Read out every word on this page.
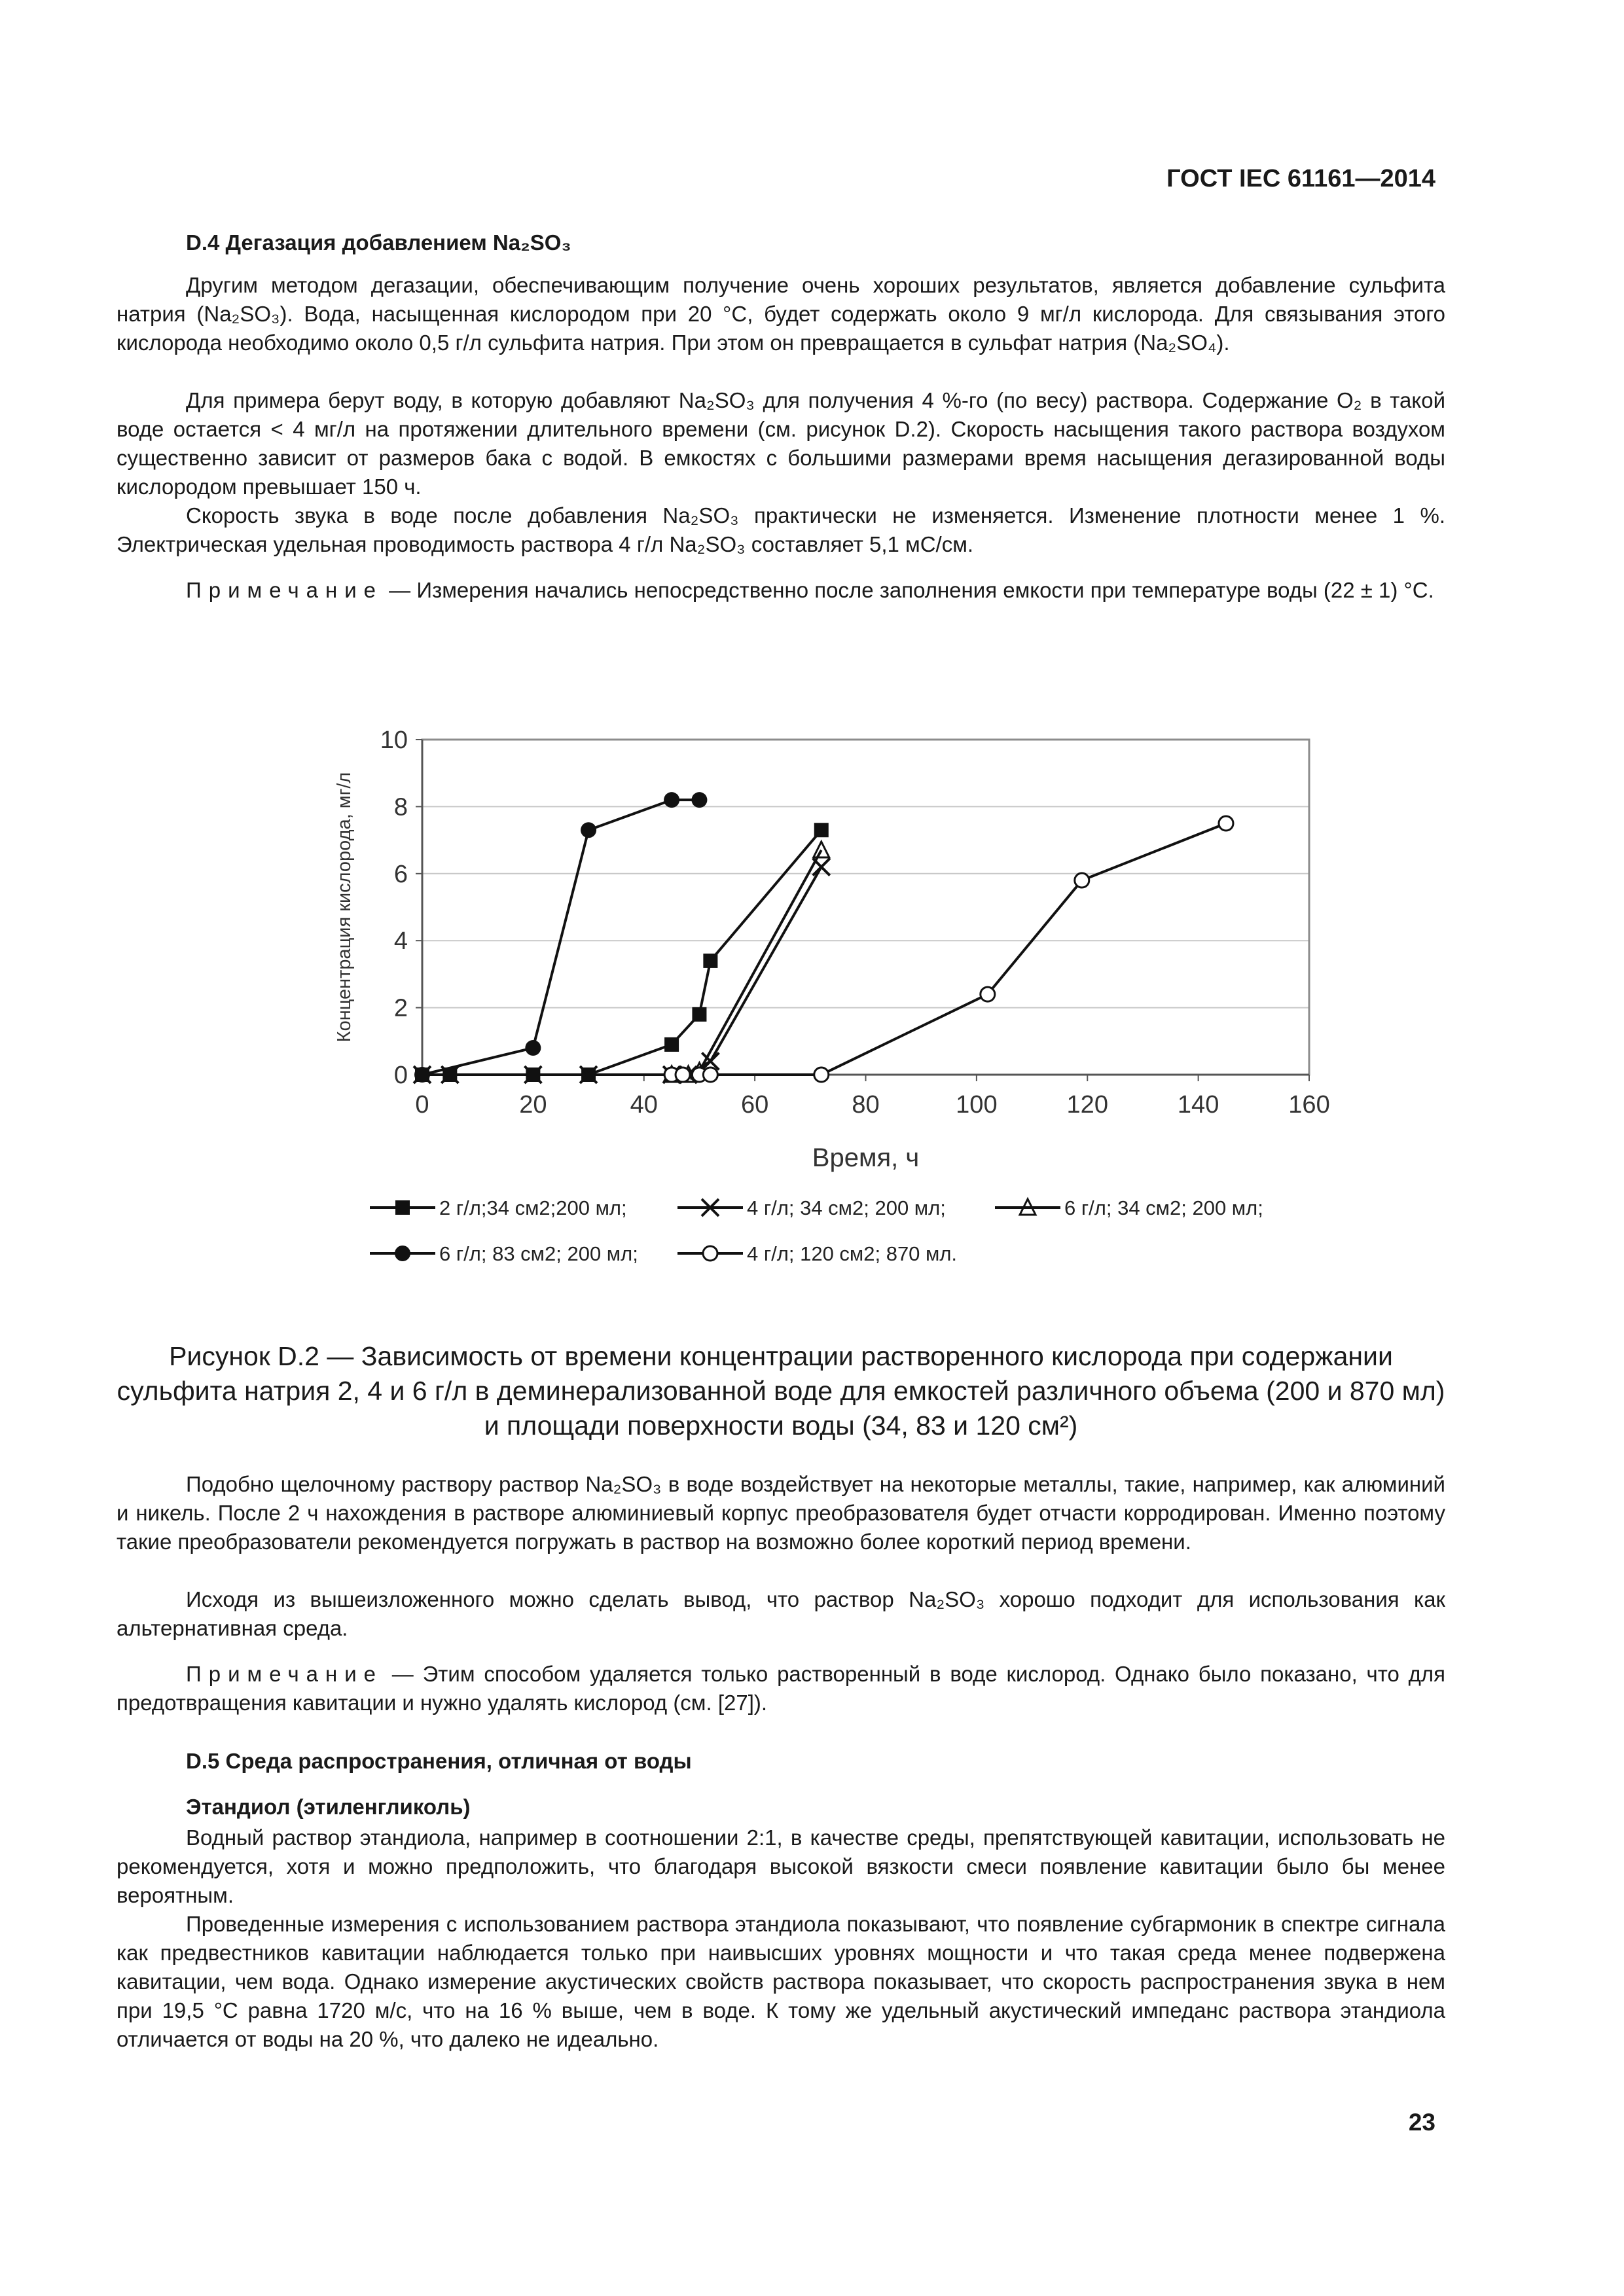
ГОСТ IEC 61161—2014
D.4 Дегазация добавлением Na₂SO₃

Другим методом дегазации, обеспечивающим получение очень хороших результатов, является добавление сульфита натрия (Na₂SO₃). Вода, насыщенная кислородом при 20 °С, будет содержать около 9 мг/л кислорода. Для связывания этого кислорода необходимо около 0,5 г/л сульфита натрия. При этом он превращается в сульфат натрия (Na₂SO₄).

Для примера берут воду, в которую добавляют Na₂SO₃ для получения 4 %-го (по весу) раствора. Содержание O₂ в такой воде остается < 4 мг/л на протяжении длительного времени (см. рисунок D.2). Скорость насыщения такого раствора воздухом существенно зависит от размеров бака с водой. В емкостях с большими размерами время насыщения дегазированной воды кислородом превышает 150 ч.

Скорость звука в воде после добавления Na₂SO₃ практически не изменяется. Изменение плотности менее 1 %. Электрическая удельная проводимость раствора 4 г/л Na₂SO₃ составляет 5,1 мС/см.

Примечание — Измерения начались непосредственно после заполнения емкости при температуре воды (22 ± 1) °С.

0
2
4
6
8
10
0	20	40	60	80	100	120	140	160
Концентрация кислорода, мг/л
Время, ч
2 г/л;34 см2;200 мл;	4 г/л; 34 см2; 200 мл;	6 г/л; 34 см2; 200 мл;
6 г/л; 83 см2; 200 мл;	4 г/л; 120 см2; 870 мл.
Рисунок D.2 — Зависимость от времени концентрации растворенного кислорода при содержании сульфита натрия 2, 4 и 6 г/л в деминерализованной воде для емкостей различного объема (200 и 870 мл) и площади поверхности воды (34, 83 и 120 см²)

Подобно щелочному раствору раствор Na₂SO₃ в воде воздействует на некоторые металлы, такие, например, как алюминий и никель. После 2 ч нахождения в растворе алюминиевый корпус преобразователя будет отчасти корродирован. Именно поэтому такие преобразователи рекомендуется погружать в раствор на возможно более короткий период времени.

Исходя из вышеизложенного можно сделать вывод, что раствор Na₂SO₃ хорошо подходит для использования как альтернативная среда.

Примечание — Этим способом удаляется только растворенный в воде кислород. Однако было показано, что для предотвращения кавитации и нужно удалять кислород (см. [27]).

D.5 Среда распространения, отличная от воды
Этандиол (этиленгликоль)

Водный раствор этандиола, например в соотношении 2:1, в качестве среды, препятствующей кавитации, использовать не рекомендуется, хотя и можно предположить, что благодаря высокой вязкости смеси появление кавитации было бы менее вероятным.

Проведенные измерения с использованием раствора этандиола показывают, что появление субгармоник в спектре сигнала как предвестников кавитации наблюдается только при наивысших уровнях мощности и что такая среда менее подвержена кавитации, чем вода. Однако измерение акустических свойств раствора показывает, что скорость распространения звука в нем при 19,5 °С равна 1720 м/с, что на 16 % выше, чем в воде. К тому же удельный акустический импеданс раствора этандиола отличается от воды на 20 %, что далеко не идеально.

23
